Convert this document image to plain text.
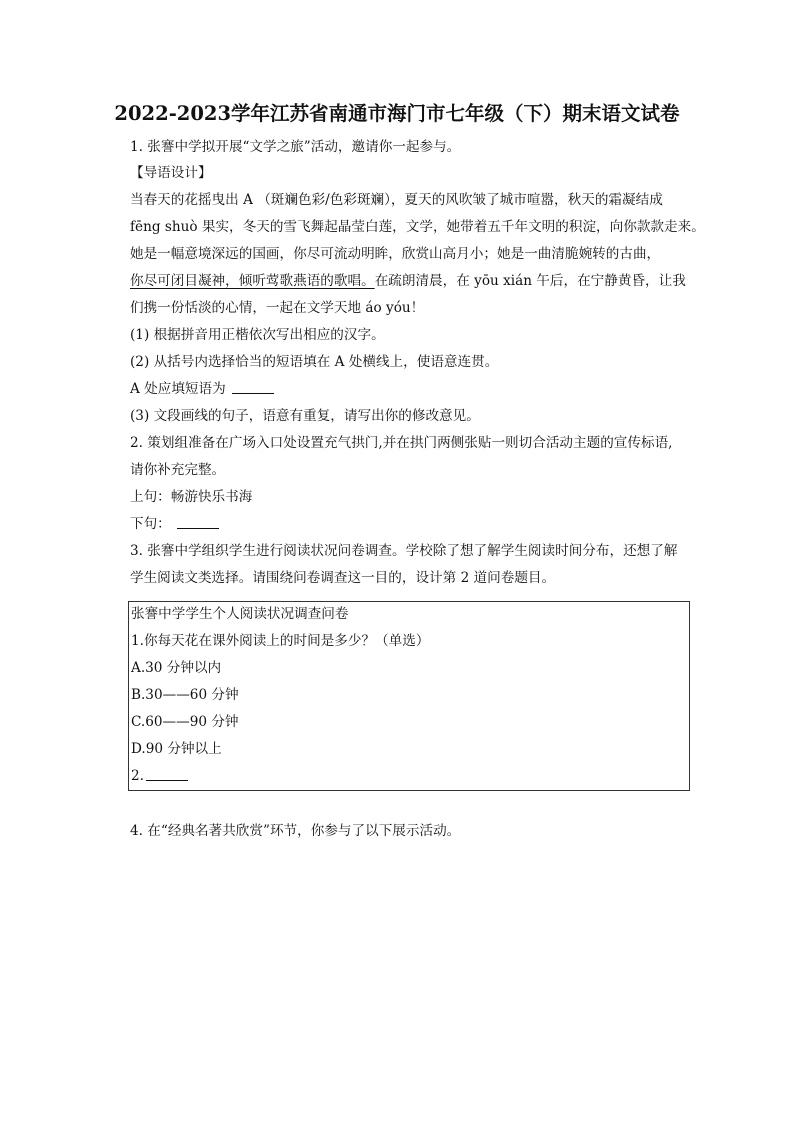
2022-2023学年江苏省南通市海门市七年级（下）期末语文试卷
1. 张謇中学拟开展“文学之旅”活动，邀请你一起参与。
【导语设计】
当春天的花摇曳出 A （斑斓色彩/色彩斑斓），夏天的风吹皱了城市喧嚣，秋天的霜凝结成
fēng shuò 果实，冬天的雪飞舞起晶莹白莲，文学，她带着五千年文明的积淀，向你款款走来。
她是一幅意境深远的国画，你尽可流动明眸，欣赏山高月小；她是一曲清脆婉转的古曲，
你尽可闭目凝神，倾听莺歌燕语的歌唱。在疏朗清晨，在 yōu xián 午后，在宁静黄昏，让我
们携一份恬淡的心情，一起在文学天地 áo yóu！
(1) 根据拼音用正楷依次写出相应的汉字。
(2) 从括号内选择恰当的短语填在 A 处横线上，使语意连贯。
A 处应填短语为
(3) 文段画线的句子，语意有重复，请写出你的修改意见。
2. 策划组准备在广场入口处设置充气拱门,并在拱门两侧张贴一则切合活动主题的宣传标语,
请你补充完整。
上句：畅游快乐书海
下句：
3. 张謇中学组织学生进行阅读状况问卷调查。学校除了想了解学生阅读时间分布，还想了解
学生阅读文类选择。请围绕问卷调查这一目的，设计第 2 道问卷题目。
张謇中学学生个人阅读状况调查问卷
1.你每天花在课外阅读上的时间是多少？（单选）
A.30 分钟以内
B.30——60 分钟
C.60——90 分钟
D.90 分钟以上
2.
4. 在“经典名著共欣赏”环节，你参与了以下展示活动。
